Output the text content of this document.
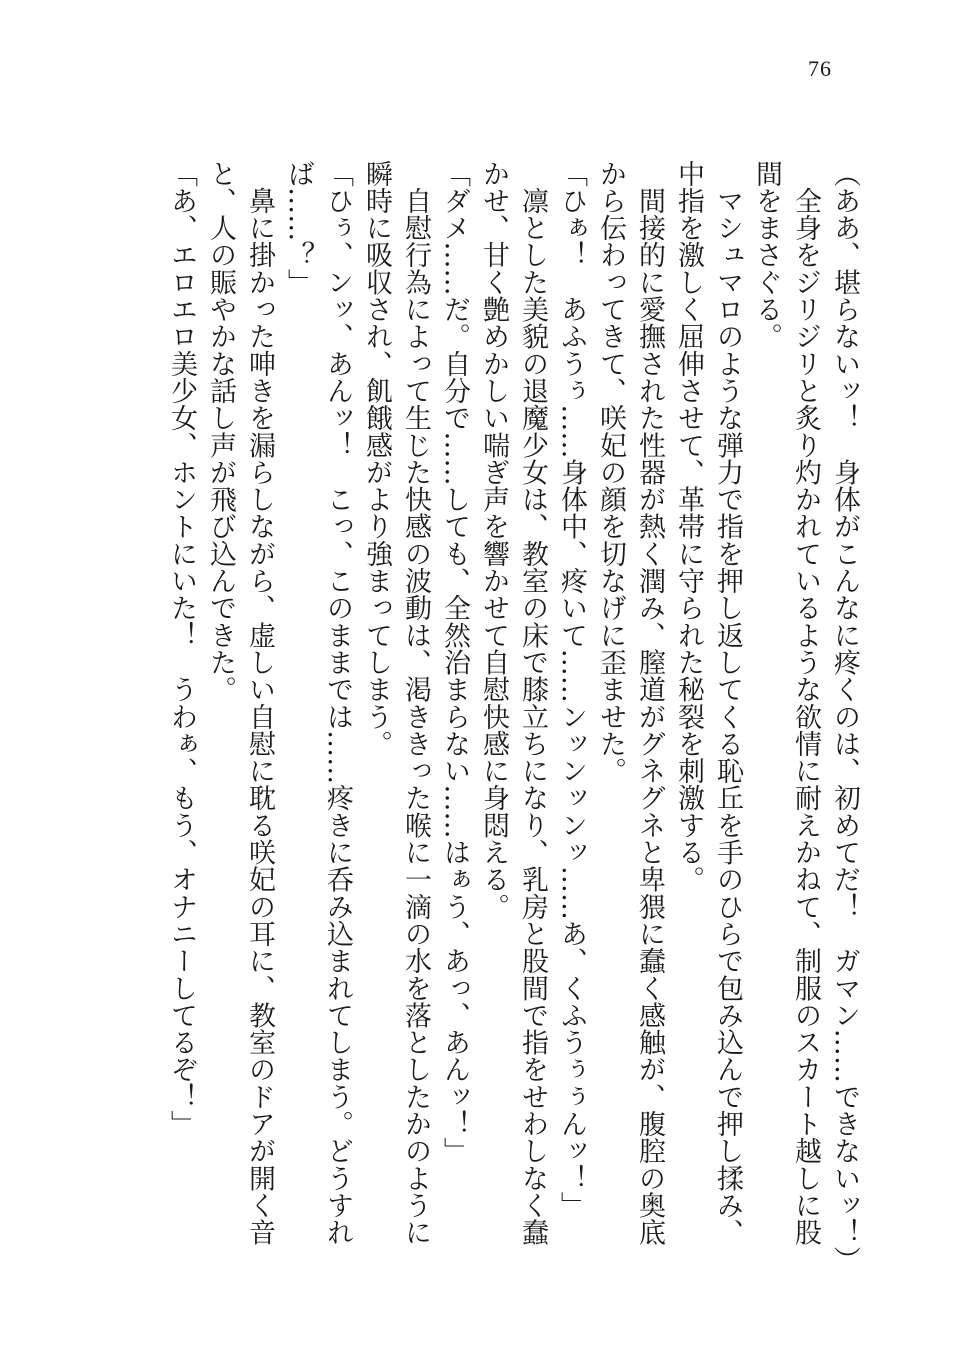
76

（ああ、堪らないッ！　身体がこんなに疼くのは、初めてだ！　ガマン……できないッ！）

　全身をジリジリと炙り灼かれているような欲情に耐えかねて、制服のスカート越しに股

間をまさぐる。

　マシュマロのような弾力で指を押し返してくる恥丘を手のひらで包み込んで押し揉み、

中指を激しく屈伸させて、革帯に守られた秘裂を刺激する。

　間接的に愛撫された性器が熱く潤み、膣道がグネグネと卑猥に蠢く感触が、腹腔の奥底

から伝わってきて、咲妃の顔を切なげに歪ませた。

「ひぁ！　あふうぅ……身体中、疼いて……ンッンッンッ……あ、くふうぅぅんッ！」

　凛とした美貌の退魔少女は、教室の床で膝立ちになり、乳房と股間で指をせわしなく蠢

かせ、甘く艶めかしい喘ぎ声を響かせて自慰快感に身悶える。

「ダメ……だ。自分で……しても、全然治まらない……はぁう、あっ、あんッ！」

　自慰行為によって生じた快感の波動は、渇ききった喉に一滴の水を落としたかのように

瞬時に吸収され、飢餓感がより強まってしまう。

「ひぅ、ンッ、あんッ！　こっ、このままでは……疼きに呑み込まれてしまう。どうすれ

ば……？」

　鼻に掛かった呻きを漏らしながら、虚しい自慰に耽る咲妃の耳に、教室のドアが開く音

と、人の賑やかな話し声が飛び込んできた。

「あ、エロエロ美少女、ホントにいた！　うわぁ、もう、オナニーしてるぞ！」
